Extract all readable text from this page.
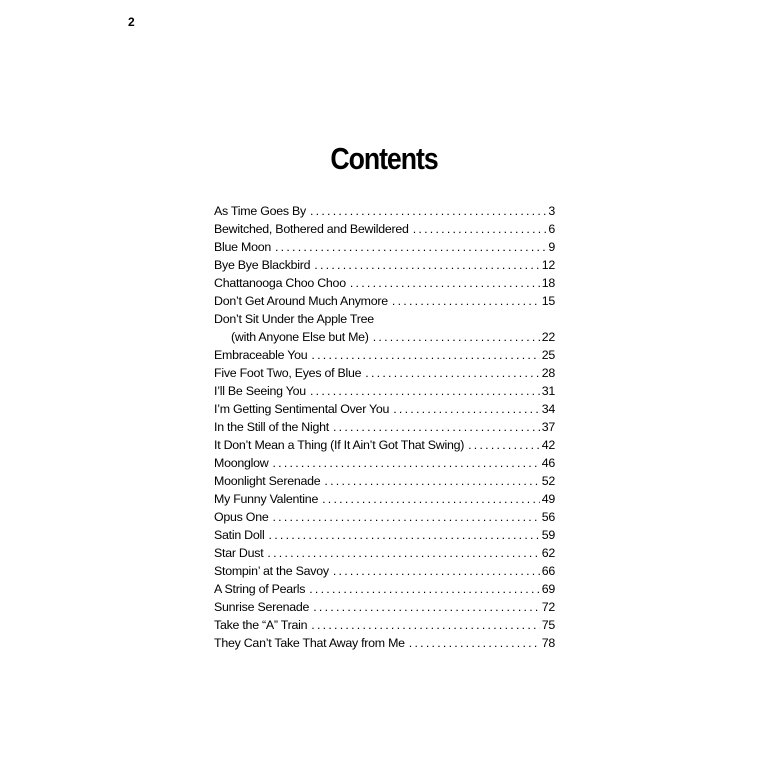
2
Contents
As Time Goes By . . .	3
Bewitched, Bothered and Bewildered . . .	6
Blue Moon . . .	9
Bye Bye Blackbird . . .	12
Chattanooga Choo Choo . . .	18
Don’t Get Around Much Anymore . . .	15
Don’t Sit Under the Apple Tree
(with Anyone Else but Me) . . .	22
Embraceable You . . .	25
Five Foot Two, Eyes of Blue . . .	28
I’ll Be Seeing You . . .	31
I’m Getting Sentimental Over You . . .	34
In the Still of the Night . . .	37
It Don’t Mean a Thing (If It Ain’t Got That Swing) . . .	42
Moonglow . . .	46
Moonlight Serenade . . .	52
My Funny Valentine . . .	49
Opus One . . .	56
Satin Doll . . .	59
Star Dust . . .	62
Stompin’ at the Savoy . . .	66
A String of Pearls . . .	69
Sunrise Serenade . . .	72
Take the “A” Train . . .	75
They Can’t Take That Away from Me . . .	78
